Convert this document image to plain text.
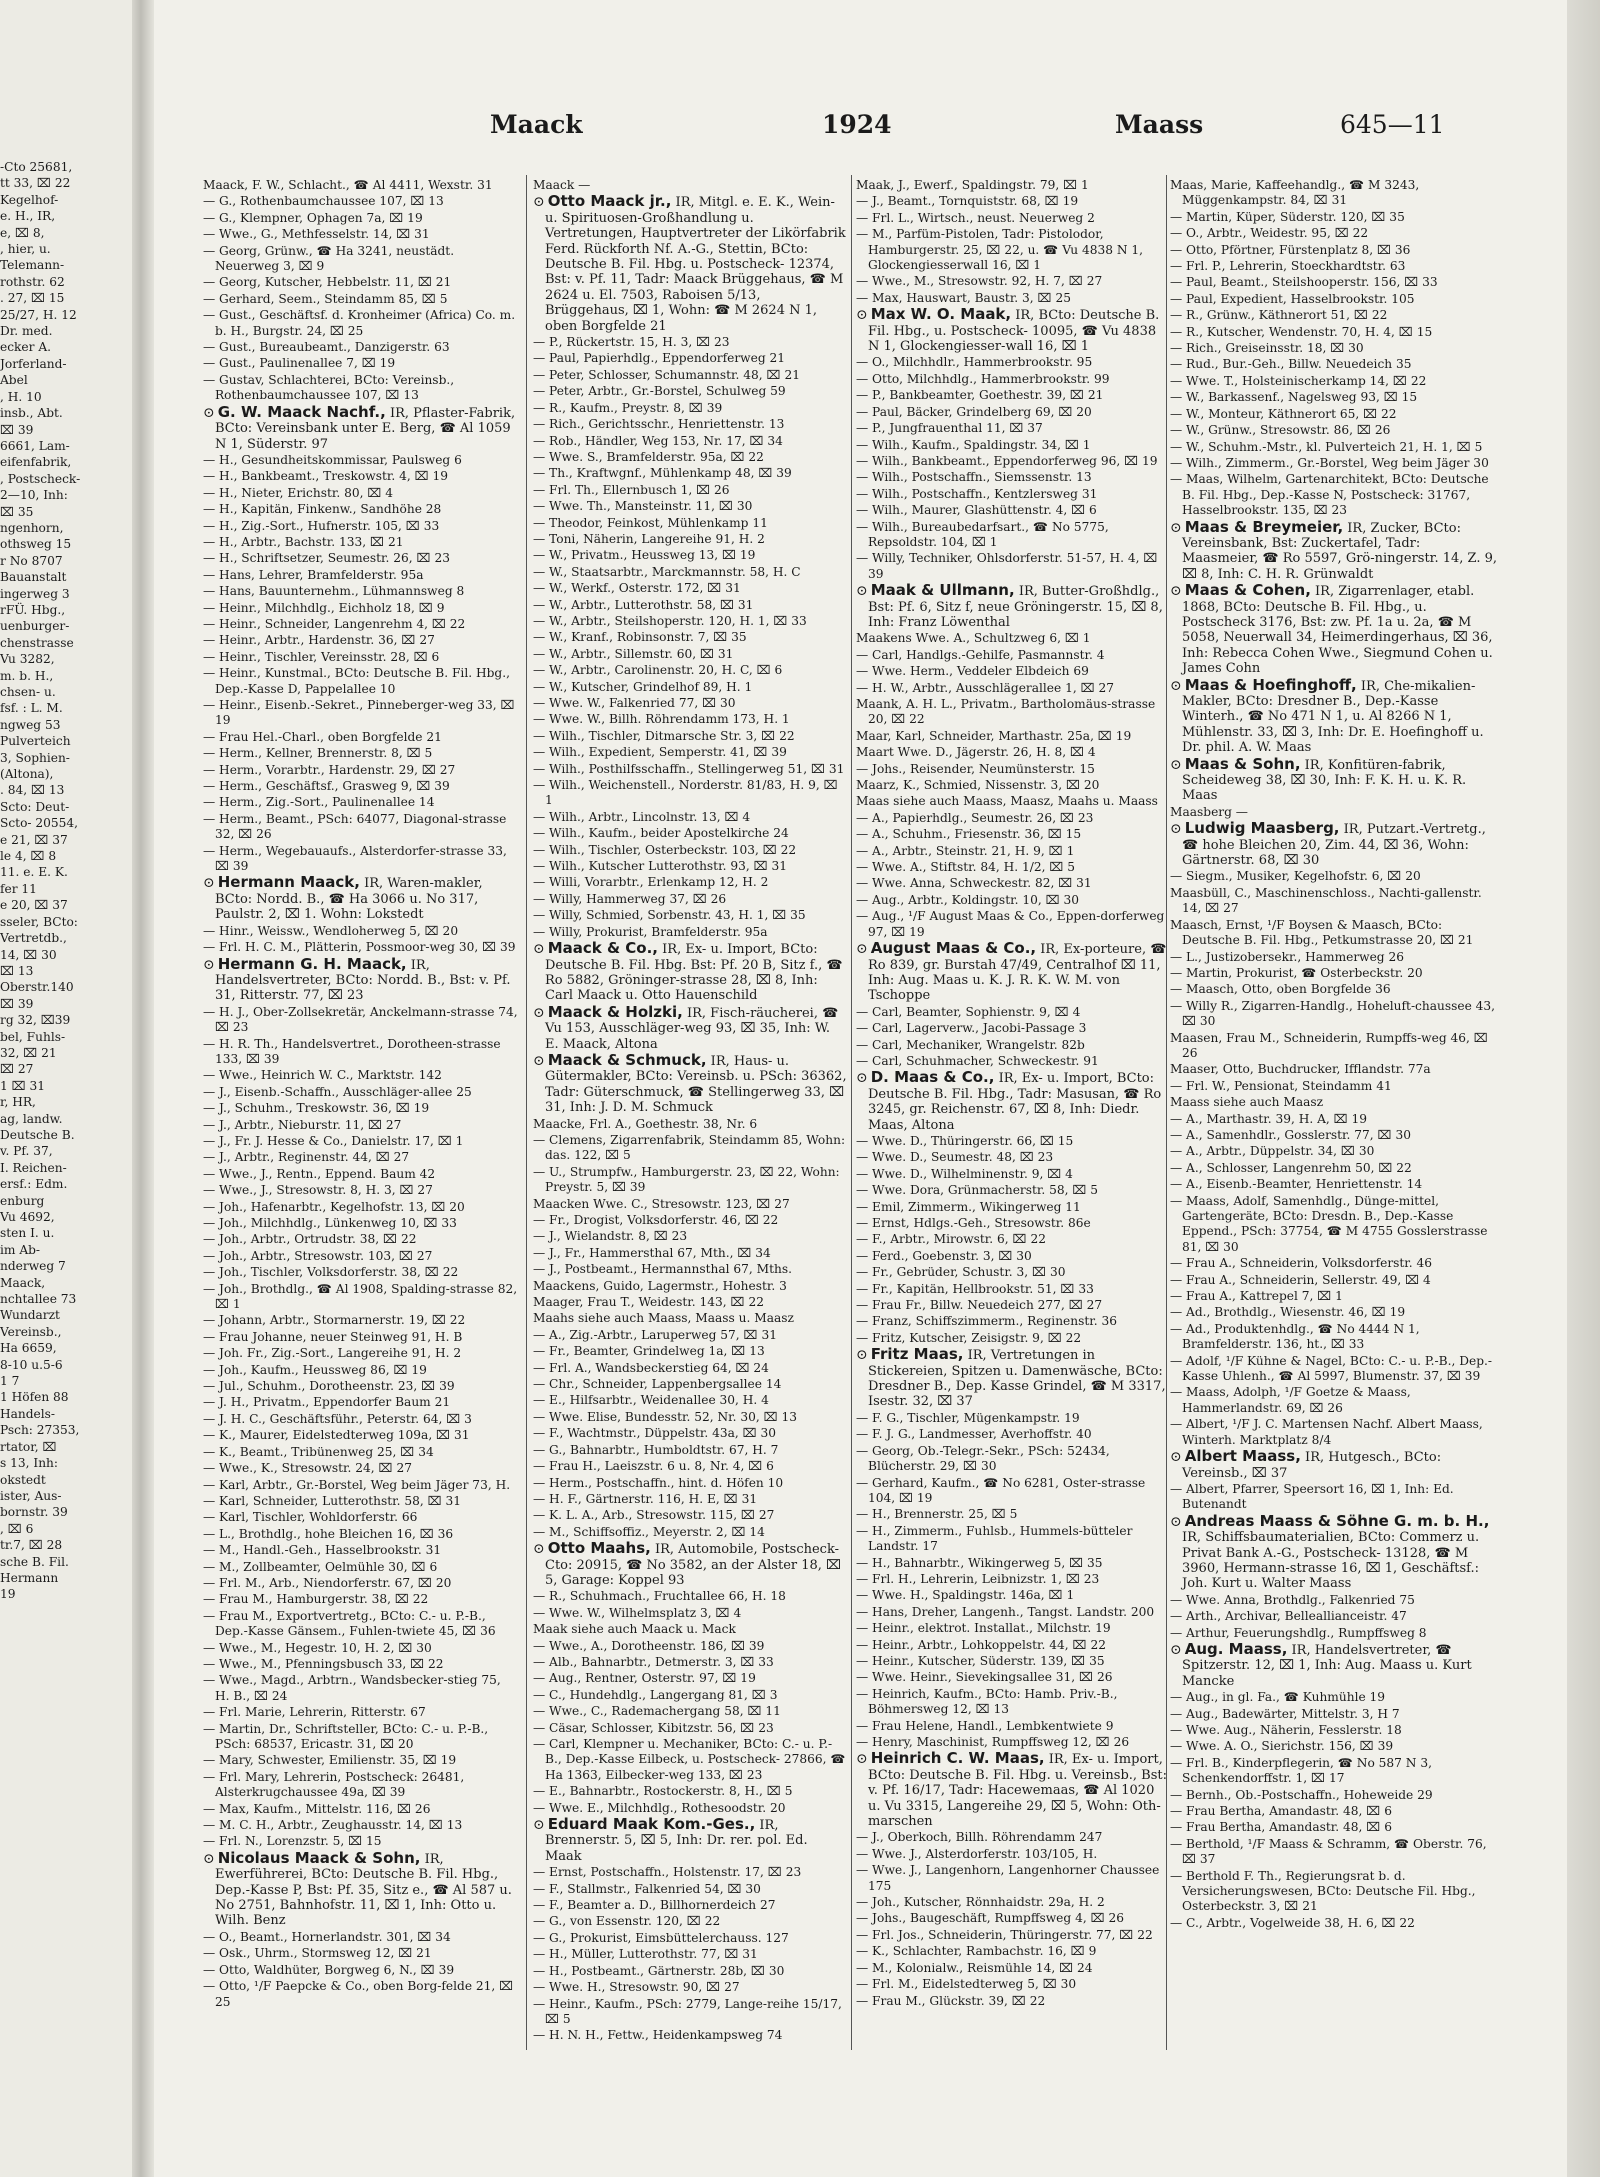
-Cto 25681,
tt 33, ⌧ 22
Kegelhof-
e. H., IR,
e, ⌧ 8,
, hier, u.
Telemann-
rothstr. 62
. 27, ⌧ 15
25/27, H. 12
Dr. med.
ecker A.
Jorferland-
Abel
, H. 10
insb., Abt.
⌧ 39
6661, Lam-
eifenfabrik,
, Postscheck-
2—10, Inh:
⌧ 35
ngenhorn,
othsweg 15
r No 8707
Bauanstalt
ingerweg 3
rFÜ. Hbg.,
uenburger-
chenstrasse
Vu 3282,
m. b. H.,
chsen- u.
fsf. : L. M.
ngweg 53
Pulverteich
3, Sophien-
(Altona),
. 84, ⌧ 13
Scto: Deut-
Scto- 20554,
e 21, ⌧ 37
le 4, ⌧ 8
11. e. E. K.
fer 11
e 20, ⌧ 37
sseler, BCto:
Vertretdb.,
14, ⌧ 30
⌧ 13
Oberstr.140
⌧ 39
rg 32, ⌧39
bel, Fuhls-
32, ⌧ 21
⌧ 27
1 ⌧ 31
r, HR,
ag, landw.
Deutsche B.
v. Pf. 37,
I. Reichen-
ersf.: Edm.
enburg
Vu 4692,
sten I. u.
im Ab-
nderweg 7
Maack,
nchtallee 73
Wundarzt
Vereinsb.,
Ha 6659,
8-10 u.5-6
1 7
1 Höfen 88
Handels-
Psch: 27353,
rtator, ⌧
s 13, Inh:
okstedt
ister, Aus-
bornstr. 39
, ⌧ 6
tr.7, ⌧ 28
sche B. Fil.
Hermann
19
Maack	1924	Maass	645—11
Maack, F. W., Schlacht., ☎ Al 4411, Wexstr. 31
— G., Rothenbaumchaussee 107, ⌧ 13
— G., Klempner, Ophagen 7a, ⌧ 19
— Wwe., G., Methfesselstr. 14, ⌧ 31
— Georg, Grünw., ☎ Ha 3241, neustädt. Neuerweg 3, ⌧ 9
— Georg, Kutscher, Hebbelstr. 11, ⌧ 21
— Gerhard, Seem., Steindamm 85, ⌧ 5
— Gust., Geschäftsf. d. Kronheimer (Africa) Co. m. b. H., Burgstr. 24, ⌧ 25
— Gust., Bureaubeamt., Danzigerstr. 63
— Gust., Paulinenallee 7, ⌧ 19
— Gustav, Schlachterei, BCto: Vereinsb., Rothenbaumchaussee 107, ⌧ 13
⊙ G. W. Maack Nachf., IR, Pflaster-Fabrik, BCto: Vereinsbank unter E. Berg, ☎ Al 1059 N 1, Süderstr. 97
— H., Gesundheitskommissar, Paulsweg 6
— H., Bankbeamt., Treskowstr. 4, ⌧ 19
— H., Nieter, Erichstr. 80, ⌧ 4
— H., Kapitän, Finkenw., Sandhöhe 28
— H., Zig.-Sort., Hufnerstr. 105, ⌧ 33
— H., Arbtr., Bachstr. 133, ⌧ 21
— H., Schriftsetzer, Seumestr. 26, ⌧ 23
— Hans, Lehrer, Bramfelderstr. 95a
— Hans, Bauunternehm., Lühmannsweg 8
— Heinr., Milchhdlg., Eichholz 18, ⌧ 9
— Heinr., Schneider, Langenrehm 4, ⌧ 22
— Heinr., Arbtr., Hardenstr. 36, ⌧ 27
— Heinr., Tischler, Vereinsstr. 28, ⌧ 6
— Heinr., Kunstmal., BCto: Deutsche B. Fil. Hbg., Dep.-Kasse D, Pappelallee 10
— Heinr., Eisenb.-Sekret., Pinneberger-weg 33, ⌧ 19
— Frau Hel.-Charl., oben Borgfelde 21
— Herm., Kellner, Brennerstr. 8, ⌧ 5
— Herm., Vorarbtr., Hardenstr. 29, ⌧ 27
— Herm., Geschäftsf., Grasweg 9, ⌧ 39
— Herm., Zig.-Sort., Paulinenallee 14
— Herm., Beamt., PSch: 64077, Diagonal-strasse 32, ⌧ 26
— Herm., Wegebauaufs., Alsterdorfer-strasse 33, ⌧ 39
⊙ Hermann Maack, IR, Waren-makler, BCto: Nordd. B., ☎ Ha 3066 u. No 317, Paulstr. 2, ⌧ 1. Wohn: Lokstedt
— Hinr., Weissw., Wendloherweg 5, ⌧ 20
— Frl. H. C. M., Plätterin, Possmoor-weg 30, ⌧ 39
⊙ Hermann G. H. Maack, IR, Handelsvertreter, BCto: Nordd. B., Bst: v. Pf. 31, Ritterstr. 77, ⌧ 23
— H. J., Ober-Zollsekretär, Anckelmann-strasse 74, ⌧ 23
— H. R. Th., Handelsvertret., Dorotheen-strasse 133, ⌧ 39
— Wwe., Heinrich W. C., Marktstr. 142
— J., Eisenb.-Schaffn., Ausschläger-allee 25
— J., Schuhm., Treskowstr. 36, ⌧ 19
— J., Arbtr., Nieburstr. 11, ⌧ 27
— J., Fr. J. Hesse & Co., Danielstr. 17, ⌧ 1
— J., Arbtr., Reginenstr. 44, ⌧ 27
— Wwe., J., Rentn., Eppend. Baum 42
— Wwe., J., Stresowstr. 8, H. 3, ⌧ 27
— Joh., Hafenarbtr., Kegelhofstr. 13, ⌧ 20
— Joh., Milchhdlg., Lünkenweg 10, ⌧ 33
— Joh., Arbtr., Ortrudstr. 38, ⌧ 22
— Joh., Arbtr., Stresowstr. 103, ⌧ 27
— Joh., Tischler, Volksdorferstr. 38, ⌧ 22
— Joh., Brothdlg., ☎ Al 1908, Spalding-strasse 82, ⌧ 1
— Johann, Arbtr., Stormarnerstr. 19, ⌧ 22
— Frau Johanne, neuer Steinweg 91, H. B
— Joh. Fr., Zig.-Sort., Langereihe 91, H. 2
— Joh., Kaufm., Heussweg 86, ⌧ 19
— Jul., Schuhm., Dorotheenstr. 23, ⌧ 39
— J. H., Privatm., Eppendorfer Baum 21
— J. H. C., Geschäftsführ., Peterstr. 64, ⌧ 3
— K., Maurer, Eidelstedterweg 109a, ⌧ 31
— K., Beamt., Tribünenweg 25, ⌧ 34
— Wwe., K., Stresowstr. 24, ⌧ 27
— Karl, Arbtr., Gr.-Borstel, Weg beim Jäger 73, H.
— Karl, Schneider, Lutterothstr. 58, ⌧ 31
— Karl, Tischler, Wohldorferstr. 66
— L., Brothdlg., hohe Bleichen 16, ⌧ 36
— M., Handl.-Geh., Hasselbrookstr. 31
— M., Zollbeamter, Oelmühle 30, ⌧ 6
— Frl. M., Arb., Niendorferstr. 67, ⌧ 20
— Frau M., Hamburgerstr. 38, ⌧ 22
— Frau M., Exportvertretg., BCto: C.- u. P.-B., Dep.-Kasse Gänsem., Fuhlen-twiete 45, ⌧ 36
— Wwe., M., Hegestr. 10, H. 2, ⌧ 30
— Wwe., M., Pfenningsbusch 33, ⌧ 22
— Wwe., Magd., Arbtrn., Wandsbecker-stieg 75, H. B., ⌧ 24
— Frl. Marie, Lehrerin, Ritterstr. 67
— Martin, Dr., Schriftsteller, BCto: C.- u. P.-B., PSch: 68537, Ericastr. 31, ⌧ 20
— Mary, Schwester, Emilienstr. 35, ⌧ 19
— Frl. Mary, Lehrerin, Postscheck: 26481, Alsterkrugchaussee 49a, ⌧ 39
— Max, Kaufm., Mittelstr. 116, ⌧ 26
— M. C. H., Arbtr., Zeughausstr. 14, ⌧ 13
— Frl. N., Lorenzstr. 5, ⌧ 15
⊙ Nicolaus Maack & Sohn, IR, Ewerführerei, BCto: Deutsche B. Fil. Hbg., Dep.-Kasse P, Bst: Pf. 35, Sitz e., ☎ Al 587 u. No 2751, Bahnhofstr. 11, ⌧ 1, Inh: Otto u. Wilh. Benz
— O., Beamt., Hornerlandstr. 301, ⌧ 34
— Osk., Uhrm., Stormsweg 12, ⌧ 21
— Otto, Waldhüter, Borgweg 6, N., ⌧ 39
— Otto, ¹/F Paepcke & Co., oben Borg-felde 21, ⌧ 25
Maack —
⊙ Otto Maack jr., IR, Mitgl. e. E. K., Wein- u. Spirituosen-Großhandlung u. Vertretungen, Hauptvertreter der Likörfabrik Ferd. Rückforth Nf. A.-G., Stettin, BCto: Deutsche B. Fil. Hbg. u. Postscheck- 12374, Bst: v. Pf. 11, Tadr: Maack Brüggehaus, ☎ M 2624 u. El. 7503, Raboisen 5/13, Brüggehaus, ⌧ 1, Wohn: ☎ M 2624 N 1, oben Borgfelde 21
— P., Rückertstr. 15, H. 3, ⌧ 23
— Paul, Papierhdlg., Eppendorferweg 21
— Peter, Schlosser, Schumannstr. 48, ⌧ 21
— Peter, Arbtr., Gr.-Borstel, Schulweg 59
— R., Kaufm., Preystr. 8, ⌧ 39
— Rich., Gerichtsschr., Henriettenstr. 13
— Rob., Händler, Weg 153, Nr. 17, ⌧ 34
— Wwe. S., Bramfelderstr. 95a, ⌧ 22
— Th., Kraftwgnf., Mühlenkamp 48, ⌧ 39
— Frl. Th., Ellernbusch 1, ⌧ 26
— Wwe. Th., Mansteinstr. 11, ⌧ 30
— Theodor, Feinkost, Mühlenkamp 11
— Toni, Näherin, Langereihe 91, H. 2
— W., Privatm., Heussweg 13, ⌧ 19
— W., Staatsarbtr., Marckmannstr. 58, H. C
— W., Werkf., Osterstr. 172, ⌧ 31
— W., Arbtr., Lutterothstr. 58, ⌧ 31
— W., Arbtr., Steilshoperstr. 120, H. 1, ⌧ 33
— W., Kranf., Robinsonstr. 7, ⌧ 35
— W., Arbtr., Sillemstr. 60, ⌧ 31
— W., Arbtr., Carolinenstr. 20, H. C, ⌧ 6
— W., Kutscher, Grindelhof 89, H. 1
— Wwe. W., Falkenried 77, ⌧ 30
— Wwe. W., Billh. Röhrendamm 173, H. 1
— Wilh., Tischler, Ditmarsche Str. 3, ⌧ 22
— Wilh., Expedient, Semperstr. 41, ⌧ 39
— Wilh., Posthilfsschaffn., Stellingerweg 51, ⌧ 31
— Wilh., Weichenstell., Norderstr. 81/83, H. 9, ⌧ 1
— Wilh., Arbtr., Lincolnstr. 13, ⌧ 4
— Wilh., Kaufm., beider Apostelkirche 24
— Wilh., Tischler, Osterbeckstr. 103, ⌧ 22
— Wilh., Kutscher Lutterothstr. 93, ⌧ 31
— Willi, Vorarbtr., Erlenkamp 12, H. 2
— Willy, Hammerweg 37, ⌧ 26
— Willy, Schmied, Sorbenstr. 43, H. 1, ⌧ 35
— Willy, Prokurist, Bramfelderstr. 95a
⊙ Maack & Co., IR, Ex- u. Import, BCto: Deutsche B. Fil. Hbg. Bst: Pf. 20 B, Sitz f., ☎ Ro 5882, Gröninger-strasse 28, ⌧ 8, Inh: Carl Maack u. Otto Hauenschild
⊙ Maack & Holzki, IR, Fisch-räucherei, ☎ Vu 153, Ausschläger-weg 93, ⌧ 35, Inh: W. E. Maack, Altona
⊙ Maack & Schmuck, IR, Haus- u. Gütermakler, BCto: Vereinsb. u. PSch: 36362, Tadr: Güterschmuck, ☎ Stellingerweg 33, ⌧ 31, Inh: J. D. M. Schmuck
Maacke, Frl. A., Goethestr. 38, Nr. 6
— Clemens, Zigarrenfabrik, Steindamm 85, Wohn: das. 122, ⌧ 5
— U., Strumpfw., Hamburgerstr. 23, ⌧ 22, Wohn: Preystr. 5, ⌧ 39
Maacken Wwe. C., Stresowstr. 123, ⌧ 27
— Fr., Drogist, Volksdorferstr. 46, ⌧ 22
— J., Wielandstr. 8, ⌧ 23
— J., Fr., Hammersthal 67, Mth., ⌧ 34
— J., Postbeamt., Hermannsthal 67, Mths.
Maackens, Guido, Lagermstr., Hohestr. 3
Maager, Frau T., Weidestr. 143, ⌧ 22
Maahs siehe auch Maass, Maass u. Maasz
— A., Zig.-Arbtr., Laruperweg 57, ⌧ 31
— Fr., Beamter, Grindelweg 1a, ⌧ 13
— Frl. A., Wandsbeckerstieg 64, ⌧ 24
— Chr., Schneider, Lappenbergsallee 14
— E., Hilfsarbtr., Weidenallee 30, H. 4
— Wwe. Elise, Bundesstr. 52, Nr. 30, ⌧ 13
— F., Wachtmstr., Düppelstr. 43a, ⌧ 30
— G., Bahnarbtr., Humboldtstr. 67, H. 7
— Frau H., Laeiszstr. 6 u. 8, Nr. 4, ⌧ 6
— Herm., Postschaffn., hint. d. Höfen 10
— H. F., Gärtnerstr. 116, H. E, ⌧ 31
— K. L. A., Arb., Stresowstr. 115, ⌧ 27
— M., Schiffsoffiz., Meyerstr. 2, ⌧ 14
⊙ Otto Maahs, IR, Automobile, Postscheck-Cto: 20915, ☎ No 3582, an der Alster 18, ⌧ 5, Garage: Koppel 93
— R., Schuhmach., Fruchtallee 66, H. 18
— Wwe. W., Wilhelmsplatz 3, ⌧ 4
Maak siehe auch Maack u. Mack
— Wwe., A., Dorotheenstr. 186, ⌧ 39
— Alb., Bahnarbtr., Detmerstr. 3, ⌧ 33
— Aug., Rentner, Osterstr. 97, ⌧ 19
— C., Hundehdlg., Langergang 81, ⌧ 3
— Wwe., C., Rademachergang 58, ⌧ 11
— Cäsar, Schlosser, Kibitzstr. 56, ⌧ 23
— Carl, Klempner u. Mechaniker, BCto: C.- u. P.-B., Dep.-Kasse Eilbeck, u. Postscheck- 27866, ☎ Ha 1363, Eilbecker-weg 133, ⌧ 23
— E., Bahnarbtr., Rostockerstr. 8, H., ⌧ 5
— Wwe. E., Milchhdlg., Rothesoodstr. 20
⊙ Eduard Maak Kom.-Ges., IR, Brennerstr. 5, ⌧ 5, Inh: Dr. rer. pol. Ed. Maak
— Ernst, Postschaffn., Holstenstr. 17, ⌧ 23
— F., Stallmstr., Falkenried 54, ⌧ 30
— F., Beamter a. D., Billhornerdeich 27
— G., von Essenstr. 120, ⌧ 22
— G., Prokurist, Eimsbüttelerchauss. 127
— H., Müller, Lutterothstr. 77, ⌧ 31
— H., Postbeamt., Gärtnerstr. 28b, ⌧ 30
— Wwe. H., Stresowstr. 90, ⌧ 27
— Heinr., Kaufm., PSch: 2779, Lange-reihe 15/17, ⌧ 5
— H. N. H., Fettw., Heidenkampsweg 74
Maak, J., Ewerf., Spaldingstr. 79, ⌧ 1
— J., Beamt., Tornquiststr. 68, ⌧ 19
— Frl. L., Wirtsch., neust. Neuerweg 2
— M., Parfüm-Pistolen, Tadr: Pistolodor, Hamburgerstr. 25, ⌧ 22, u. ☎ Vu 4838 N 1, Glockengiesserwall 16, ⌧ 1
— Wwe., M., Stresowstr. 92, H. 7, ⌧ 27
— Max, Hauswart, Baustr. 3, ⌧ 25
⊙ Max W. O. Maak, IR, BCto: Deutsche B. Fil. Hbg., u. Postscheck- 10095, ☎ Vu 4838 N 1, Glockengiesser-wall 16, ⌧ 1
— O., Milchhdlr., Hammerbrookstr. 95
— Otto, Milchhdlg., Hammerbrookstr. 99
— P., Bankbeamter, Goethestr. 39, ⌧ 21
— Paul, Bäcker, Grindelberg 69, ⌧ 20
— P., Jungfrauenthal 11, ⌧ 37
— Wilh., Kaufm., Spaldingstr. 34, ⌧ 1
— Wilh., Bankbeamt., Eppendorferweg 96, ⌧ 19
— Wilh., Postschaffn., Siemssenstr. 13
— Wilh., Postschaffn., Kentzlersweg 31
— Wilh., Maurer, Glashüttenstr. 4, ⌧ 6
— Wilh., Bureaubedarfsart., ☎ No 5775, Repsoldstr. 104, ⌧ 1
— Willy, Techniker, Ohlsdorferstr. 51-57, H. 4, ⌧ 39
⊙ Maak & Ullmann, IR, Butter-Großhdlg., Bst: Pf. 6, Sitz f, neue Gröningerstr. 15, ⌧ 8, Inh: Franz Löwenthal
Maakens Wwe. A., Schultzweg 6, ⌧ 1
— Carl, Handlgs.-Gehilfe, Pasmannstr. 4
— Wwe. Herm., Veddeler Elbdeich 69
— H. W., Arbtr., Ausschlägerallee 1, ⌧ 27
Maank, A. H. L., Privatm., Bartholomäus-strasse 20, ⌧ 22
Maar, Karl, Schneider, Marthastr. 25a, ⌧ 19
Maart Wwe. D., Jägerstr. 26, H. 8, ⌧ 4
— Johs., Reisender, Neumünsterstr. 15
Maarz, K., Schmied, Nissenstr. 3, ⌧ 20
Maas siehe auch Maass, Maasz, Maahs u. Maass
— A., Papierhdlg., Seumestr. 26, ⌧ 23
— A., Schuhm., Friesenstr. 36, ⌧ 15
— A., Arbtr., Steinstr. 21, H. 9, ⌧ 1
— Wwe. A., Stiftstr. 84, H. 1/2, ⌧ 5
— Wwe. Anna, Schweckestr. 82, ⌧ 31
— Aug., Arbtr., Koldingstr. 10, ⌧ 30
— Aug., ¹/F August Maas & Co., Eppen-dorferweg 97, ⌧ 19
⊙ August Maas & Co., IR, Ex-porteure, ☎ Ro 839, gr. Burstah 47/49, Centralhof ⌧ 11, Inh: Aug. Maas u. K. J. R. K. W. M. von Tschoppe
— Carl, Beamter, Sophienstr. 9, ⌧ 4
— Carl, Lagerverw., Jacobi-Passage 3
— Carl, Mechaniker, Wrangelstr. 82b
— Carl, Schuhmacher, Schweckestr. 91
⊙ D. Maas & Co., IR, Ex- u. Import, BCto: Deutsche B. Fil. Hbg., Tadr: Masusan, ☎ Ro 3245, gr. Reichenstr. 67, ⌧ 8, Inh: Diedr. Maas, Altona
— Wwe. D., Thüringerstr. 66, ⌧ 15
— Wwe. D., Seumestr. 48, ⌧ 23
— Wwe. D., Wilhelminenstr. 9, ⌧ 4
— Wwe. Dora, Grünmacherstr. 58, ⌧ 5
— Emil, Zimmerm., Wikingerweg 11
— Ernst, Hdlgs.-Geh., Stresowstr. 86e
— F., Arbtr., Mirowstr. 6, ⌧ 22
— Ferd., Goebenstr. 3, ⌧ 30
— Fr., Gebrüder, Schustr. 3, ⌧ 30
— Fr., Kapitän, Hellbrookstr. 51, ⌧ 33
— Frau Fr., Billw. Neuedeich 277, ⌧ 27
— Franz, Schiffszimmerm., Reginenstr. 36
— Fritz, Kutscher, Zeisigstr. 9, ⌧ 22
⊙ Fritz Maas, IR, Vertretungen in Stickereien, Spitzen u. Damenwäsche, BCto: Dresdner B., Dep. Kasse Grindel, ☎ M 3317, Isestr. 32, ⌧ 37
— F. G., Tischler, Mügenkampstr. 19
— F. J. G., Landmesser, Averhoffstr. 40
— Georg, Ob.-Telegr.-Sekr., PSch: 52434, Blücherstr. 29, ⌧ 30
— Gerhard, Kaufm., ☎ No 6281, Oster-strasse 104, ⌧ 19
— H., Brennerstr. 25, ⌧ 5
— H., Zimmerm., Fuhlsb., Hummels-bütteler Landstr. 17
— H., Bahnarbtr., Wikingerweg 5, ⌧ 35
— Frl. H., Lehrerin, Leibnizstr. 1, ⌧ 23
— Wwe. H., Spaldingstr. 146a, ⌧ 1
— Hans, Dreher, Langenh., Tangst. Landstr. 200
— Heinr., elektrot. Installat., Milchstr. 19
— Heinr., Arbtr., Lohkoppelstr. 44, ⌧ 22
— Heinr., Kutscher, Süderstr. 139, ⌧ 35
— Wwe. Heinr., Sievekingsallee 31, ⌧ 26
— Heinrich, Kaufm., BCto: Hamb. Priv.-B., Böhmersweg 12, ⌧ 13
— Frau Helene, Handl., Lembkentwiete 9
— Henry, Maschinist, Rumpffsweg 12, ⌧ 26
⊙ Heinrich C. W. Maas, IR, Ex- u. Import, BCto: Deutsche B. Fil. Hbg. u. Vereinsb., Bst: v. Pf. 16/17, Tadr: Hacewemaas, ☎ Al 1020 u. Vu 3315, Langereihe 29, ⌧ 5, Wohn: Oth-marschen
— J., Oberkoch, Billh. Röhrendamm 247
— Wwe. J., Alsterdorferstr. 103/105, H.
— Wwe. J., Langenhorn, Langenhorner Chaussee 175
— Joh., Kutscher, Rönnhaidstr. 29a, H. 2
— Johs., Baugeschäft, Rumpffsweg 4, ⌧ 26
— Frl. Jos., Schneiderin, Thüringerstr. 77, ⌧ 22
— K., Schlachter, Rambachstr. 16, ⌧ 9
— M., Kolonialw., Reismühle 14, ⌧ 24
— Frl. M., Eidelstedterweg 5, ⌧ 30
— Frau M., Glückstr. 39, ⌧ 22
Maas, Marie, Kaffeehandlg., ☎ M 3243, Müggenkampstr. 84, ⌧ 31
— Martin, Küper, Süderstr. 120, ⌧ 35
— O., Arbtr., Weidestr. 95, ⌧ 22
— Otto, Pförtner, Fürstenplatz 8, ⌧ 36
— Frl. P., Lehrerin, Stoeckhardtstr. 63
— Paul, Beamt., Steilshooperstr. 156, ⌧ 33
— Paul, Expedient, Hasselbrookstr. 105
— R., Grünw., Käthnerort 51, ⌧ 22
— R., Kutscher, Wendenstr. 70, H. 4, ⌧ 15
— Rich., Greiseinsstr. 18, ⌧ 30
— Rud., Bur.-Geh., Billw. Neuedeich 35
— Wwe. T., Holsteinischerkamp 14, ⌧ 22
— W., Barkassenf., Nagelsweg 93, ⌧ 15
— W., Monteur, Käthnerort 65, ⌧ 22
— W., Grünw., Stresowstr. 86, ⌧ 26
— W., Schuhm.-Mstr., kl. Pulverteich 21, H. 1, ⌧ 5
— Wilh., Zimmerm., Gr.-Borstel, Weg beim Jäger 30
— Maas, Wilhelm, Gartenarchitekt, BCto: Deutsche B. Fil. Hbg., Dep.-Kasse N, Postscheck: 31767, Hasselbrookstr. 135, ⌧ 23
⊙ Maas & Breymeier, IR, Zucker, BCto: Vereinsbank, Bst: Zuckertafel, Tadr: Maasmeier, ☎ Ro 5597, Grö-ningerstr. 14, Z. 9, ⌧ 8, Inh: C. H. R. Grünwaldt
⊙ Maas & Cohen, IR, Zigarrenlager, etabl. 1868, BCto: Deutsche B. Fil. Hbg., u. Postscheck 3176, Bst: zw. Pf. 1a u. 2a, ☎ M 5058, Neuerwall 34, Heimerdingerhaus, ⌧ 36, Inh: Rebecca Cohen Wwe., Siegmund Cohen u. James Cohn
⊙ Maas & Hoefinghoff, IR, Che-mikalien-Makler, BCto: Dresdner B., Dep.-Kasse Winterh., ☎ No 471 N 1, u. Al 8266 N 1, Mühlenstr. 33, ⌧ 3, Inh: Dr. E. Hoefinghoff u. Dr. phil. A. W. Maas
⊙ Maas & Sohn, IR, Konfitüren-fabrik, Scheideweg 38, ⌧ 30, Inh: F. K. H. u. K. R. Maas
Maasberg —
⊙ Ludwig Maasberg, IR, Putzart.-Vertretg., ☎ hohe Bleichen 20, Zim. 44, ⌧ 36, Wohn: Gärtnerstr. 68, ⌧ 30
— Siegm., Musiker, Kegelhofstr. 6, ⌧ 20
Maasbüll, C., Maschinenschloss., Nachti-gallenstr. 14, ⌧ 27
Maasch, Ernst, ¹/F Boysen & Maasch, BCto: Deutsche B. Fil. Hbg., Petkumstrasse 20, ⌧ 21
— L., Justizobersekr., Hammerweg 26
— Martin, Prokurist, ☎ Osterbeckstr. 20
— Maasch, Otto, oben Borgfelde 36
— Willy R., Zigarren-Handlg., Hoheluft-chaussee 43, ⌧ 30
Maasen, Frau M., Schneiderin, Rumpffs-weg 46, ⌧ 26
Maaser, Otto, Buchdrucker, Ifflandstr. 77a
— Frl. W., Pensionat, Steindamm 41
Maass siehe auch Maasz
— A., Marthastr. 39, H. A, ⌧ 19
— A., Samenhdlr., Gosslerstr. 77, ⌧ 30
— A., Arbtr., Düppelstr. 34, ⌧ 30
— A., Schlosser, Langenrehm 50, ⌧ 22
— A., Eisenb.-Beamter, Henriettenstr. 14
— Maass, Adolf, Samenhdlg., Dünge-mittel, Gartengeräte, BCto: Dresdn. B., Dep.-Kasse Eppend., PSch: 37754, ☎ M 4755 Gosslerstrasse 81, ⌧ 30
— Frau A., Schneiderin, Volksdorferstr. 46
— Frau A., Schneiderin, Sellerstr. 49, ⌧ 4
— Frau A., Kattrepel 7, ⌧ 1
— Ad., Brothdlg., Wiesenstr. 46, ⌧ 19
— Ad., Produktenhdlg., ☎ No 4444 N 1, Bramfelderstr. 136, ht., ⌧ 33
— Adolf, ¹/F Kühne & Nagel, BCto: C.- u. P.-B., Dep.-Kasse Uhlenh., ☎ Al 5997, Blumenstr. 37, ⌧ 39
— Maass, Adolph, ¹/F Goetze & Maass, Hammerlandstr. 69, ⌧ 26
— Albert, ¹/F J. C. Martensen Nachf. Albert Maass, Winterh. Marktplatz 8/4
⊙ Albert Maass, IR, Hutgesch., BCto: Vereinsb., ⌧ 37
— Albert, Pfarrer, Speersort 16, ⌧ 1, Inh: Ed. Butenandt
⊙ Andreas Maass & Söhne G. m. b. H., IR, Schiffsbaumaterialien, BCto: Commerz u. Privat Bank A.-G., Postscheck- 13128, ☎ M 3960, Hermann-strasse 16, ⌧ 1, Geschäftsf.: Joh. Kurt u. Walter Maass
— Wwe. Anna, Brothdlg., Falkenried 75
— Arth., Archivar, Belleallianceistr. 47
— Arthur, Feuerungshdlg., Rumpffsweg 8
⊙ Aug. Maass, IR, Handelsvertreter, ☎ Spitzerstr. 12, ⌧ 1, Inh: Aug. Maass u. Kurt Mancke
— Aug., in gl. Fa., ☎ Kuhmühle 19
— Aug., Badewärter, Mittelstr. 3, H 7
— Wwe. Aug., Näherin, Fesslerstr. 18
— Wwe. A. O., Sierichstr. 156, ⌧ 39
— Frl. B., Kinderpflegerin, ☎ No 587 N 3, Schenkendorffstr. 1, ⌧ 17
— Bernh., Ob.-Postschaffn., Hoheweide 29
— Frau Bertha, Amandastr. 48, ⌧ 6
— Frau Bertha, Amandastr. 48, ⌧ 6
— Berthold, ¹/F Maass & Schramm, ☎ Oberstr. 76, ⌧ 37
— Berthold F. Th., Regierungsrat b. d. Versicherungswesen, BCto: Deutsche Fil. Hbg., Osterbeckstr. 3, ⌧ 21
— C., Arbtr., Vogelweide 38, H. 6, ⌧ 22
